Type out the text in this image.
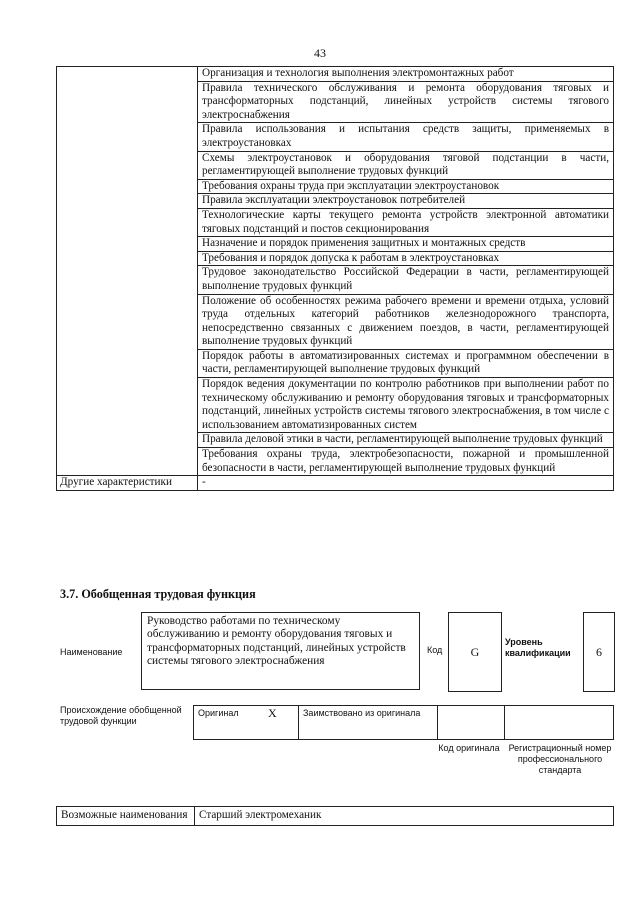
43
	Организация и технология выполнения электромонтажных работ
	Правила технического обслуживания и ремонта оборудования тяговых и трансформаторных подстанций, линейных устройств системы тягового электроснабжения
	Правила использования и испытания средств защиты, применяемых в электроустановках
	Схемы электроустановок и оборудования тяговой подстанции в части, регламентирующей выполнение трудовых функций
	Требования охраны труда при эксплуатации электроустановок
	Правила эксплуатации электроустановок потребителей
	Технологические карты текущего ремонта устройств электронной автоматики тяговых подстанций и постов секционирования
	Назначение и порядок применения защитных и монтажных средств
	Требования и порядок допуска к работам в электроустановках
	Трудовое законодательство Российской Федерации в части, регламентирующей выполнение трудовых функций
	Положение об особенностях режима рабочего времени и времени отдыха, условий труда отдельных категорий работников железнодорожного транспорта, непосредственно связанных с движением поездов, в части, регламентирующей выполнение трудовых функций
	Порядок работы в автоматизированных системах и программном обеспечении в части, регламентирующей выполнение трудовых функций
	Порядок ведения документации по контролю работников при выполнении работ по техническому обслуживанию и ремонту оборудования тяговых и трансформаторных подстанций, линейных устройств системы тягового электроснабжения, в том числе с использованием автоматизированных систем
	Правила деловой этики в части, регламентирующей выполнение трудовых функций
	Требования охраны труда, электробезопасности, пожарной и промышленной безопасности в части, регламентирующей выполнение трудовых функций
Другие характеристики	-
3.7. Обобщенная трудовая функция
Наименование
Руководство работами по техническому обслуживанию и ремонту оборудования тяговых и трансформаторных подстанций, линейных устройств системы тягового электроснабжения
Код	G
Уровень квалификации	6
Происхождение обобщенной трудовой функции
Оригинал	X	Заимствовано из оригинала		
Код оригинала Регистрационный номер профессионального стандарта
Возможные наименования	Старший электромеханик
